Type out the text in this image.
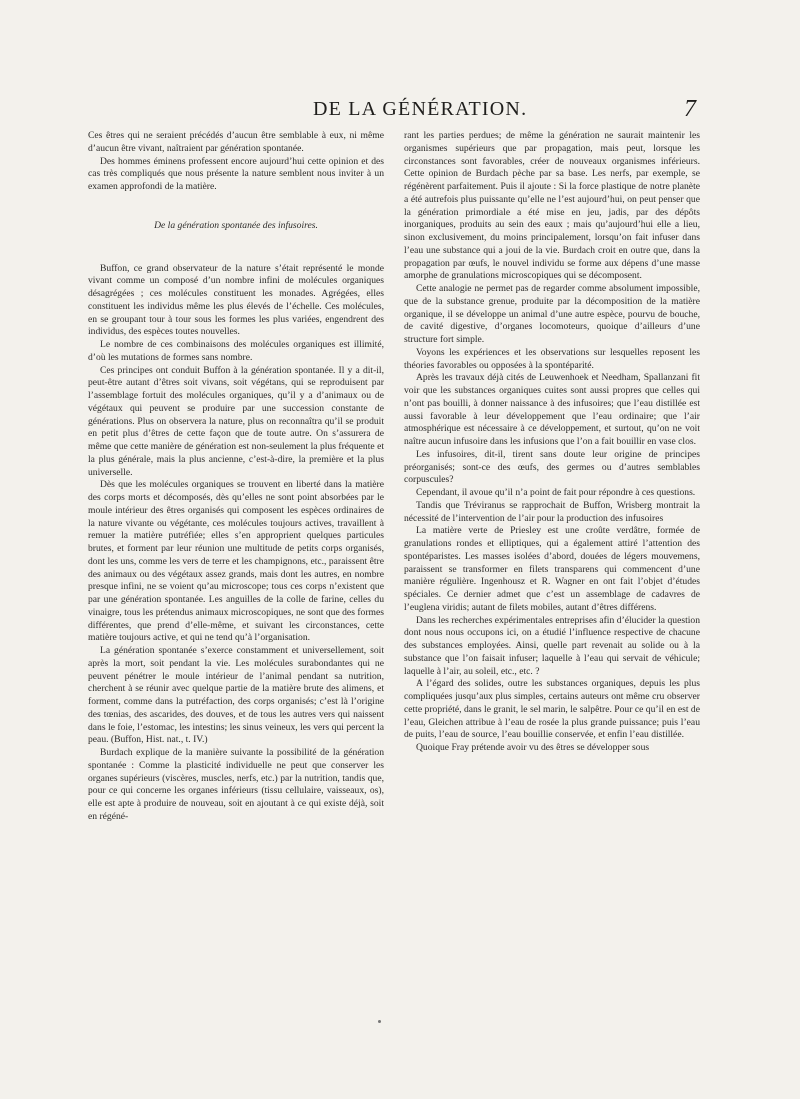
DE LA GÉNÉRATION.	7

Ces êtres qui ne seraient précédés d’aucun être semblable à eux, ni même d’aucun être vivant, naîtraient par génération spontanée.

Des hommes éminens professent encore aujourd’hui cette opinion et des cas très compliqués que nous présente la nature semblent nous inviter à un examen approfondi de la matière.

De la génération spontanée des infusoires.

Buffon, ce grand observateur de la nature s’était représenté le monde vivant comme un composé d’un nombre infini de molécules organiques désagrégées ; ces molécules constituent les monades. Agrégées, elles constituent les individus même les plus élevés de l’échelle. Ces molécules, en se groupant tour à tour sous les formes les plus variées, engendrent des individus, des espèces toutes nouvelles.

Le nombre de ces combinaisons des molécules organiques est illimité, d’où les mutations de formes sans nombre.

Ces principes ont conduit Buffon à la génération spontanée. Il y a dit-il, peut-être autant d’êtres soit vivans, soit végétans, qui se reproduisent par l’assemblage fortuit des molécules organiques, qu’il y a d’animaux ou de végétaux qui peuvent se produire par une succession constante de générations. Plus on observera la nature, plus on reconnaîtra qu’il se produit en petit plus d’êtres de cette façon que de toute autre. On s’assurera de même que cette manière de génération est non-seulement la plus fréquente et la plus générale, mais la plus ancienne, c’est-à-dire, la première et la plus universelle.

Dès que les molécules organiques se trouvent en liberté dans la matière des corps morts et décomposés, dès qu’elles ne sont point absorbées par le moule intérieur des êtres organisés qui composent les espèces ordinaires de la nature vivante ou végétante, ces molécules toujours actives, travaillent à remuer la matière putréfiée; elles s’en approprient quelques particules brutes, et forment par leur réunion une multitude de petits corps organisés, dont les uns, comme les vers de terre et les champignons, etc., paraissent être des animaux ou des végétaux assez grands, mais dont les autres, en nombre presque infini, ne se voient qu’au microscope; tous ces corps n’existent que par une génération spontanée. Les anguilles de la colle de farine, celles du vinaigre, tous les prétendus animaux microscopiques, ne sont que des formes différentes, que prend d’elle-même, et suivant les circonstances, cette matière toujours active, et qui ne tend qu’à l’organisation.

La génération spontanée s’exerce constamment et universellement, soit après la mort, soit pendant la vie. Les molécules surabondantes qui ne peuvent pénétrer le moule intérieur de l’animal pendant sa nutrition, cherchent à se réunir avec quelque partie de la matière brute des alimens, et forment, comme dans la putréfaction, des corps organisés; c’est là l’origine des tœnias, des ascarides, des douves, et de tous les autres vers qui naissent dans le foie, l’estomac, les intestins; les sinus veineux, les vers qui percent la peau. (Buffon, Hist. nat., t. IV.)

Burdach explique de la manière suivante la possibilité de la génération spontanée : Comme la plasticité individuelle ne peut que conserver les organes supérieurs (viscères, muscles, nerfs, etc.) par la nutrition, tandis que, pour ce qui concerne les organes inférieurs (tissu cellulaire, vaisseaux, os), elle est apte à produire de nouveau, soit en ajoutant à ce qui existe déjà, soit en régéné-

rant les parties perdues; de même la génération ne saurait maintenir les organismes supérieurs que par propagation, mais peut, lorsque les circonstances sont favorables, créer de nouveaux organismes inférieurs. Cette opinion de Burdach pèche par sa base. Les nerfs, par exemple, se régénèrent parfaitement. Puis il ajoute : Si la force plastique de notre planète a été autrefois plus puissante qu’elle ne l’est aujourd’hui, on peut penser que la génération primordiale a été mise en jeu, jadis, par des dépôts inorganiques, produits au sein des eaux ; mais qu’aujourd’hui elle a lieu, sinon exclusivement, du moins principalement, lorsqu’on fait infuser dans l’eau une substance qui a joui de la vie. Burdach croit en outre que, dans la propagation par œufs, le nouvel individu se forme aux dépens d’une masse amorphe de granulations microscopiques qui se décomposent.

Cette analogie ne permet pas de regarder comme absolument impossible, que de la substance grenue, produite par la décomposition de la matière organique, il se développe un animal d’une autre espèce, pourvu de bouche, de cavité digestive, d’organes locomoteurs, quoique d’ailleurs d’une structure fort simple.

Voyons les expériences et les observations sur lesquelles reposent les théories favorables ou opposées à la spontéparité.

Après les travaux déjà cités de Leuwenhoek et Needham, Spallanzani fit voir que les substances organiques cuites sont aussi propres que celles qui n’ont pas bouilli, à donner naissance à des infusoires; que l’eau distillée est aussi favorable à leur développement que l’eau ordinaire; que l’air atmosphérique est nécessaire à ce développement, et surtout, qu’on ne voit naître aucun infusoire dans les infusions que l’on a fait bouillir en vase clos.

Les infusoires, dit-il, tirent sans doute leur origine de principes préorganisés; sont-ce des œufs, des germes ou d’autres semblables corpuscules?

Cependant, il avoue qu’il n’a point de fait pour répondre à ces questions.

Tandis que Tréviranus se rapprochait de Buffon, Wrisberg montrait la nécessité de l’intervention de l’air pour la production des infusoires

La matière verte de Priesley est une croûte verdâtre, formée de granulations rondes et elliptiques, qui a également attiré l’attention des spontéparistes. Les masses isolées d’abord, douées de légers mouvemens, paraissent se transformer en filets transparens qui commencent d’une manière régulière. Ingenhousz et R. Wagner en ont fait l’objet d’études spéciales. Ce dernier admet que c’est un assemblage de cadavres de l’euglena viridis; autant de filets mobiles, autant d’êtres différens.

Dans les recherches expérimentales entreprises afin d’élucider la question dont nous nous occupons ici, on a étudié l’influence respective de chacune des substances employées. Ainsi, quelle part revenait au solide ou à la substance que l’on faisait infuser; laquelle à l’eau qui servait de véhicule; laquelle à l’air, au soleil, etc., etc. ?

A l’égard des solides, outre les substances organiques, depuis les plus compliquées jusqu’aux plus simples, certains auteurs ont même cru observer cette propriété, dans le granit, le sel marin, le salpêtre. Pour ce qu’il en est de l’eau, Gleichen attribue à l’eau de rosée la plus grande puissance; puis l’eau de puits, l’eau de source, l’eau bouillie conservée, et enfin l’eau distillée.

Quoique Fray prétende avoir vu des êtres se développer sous
